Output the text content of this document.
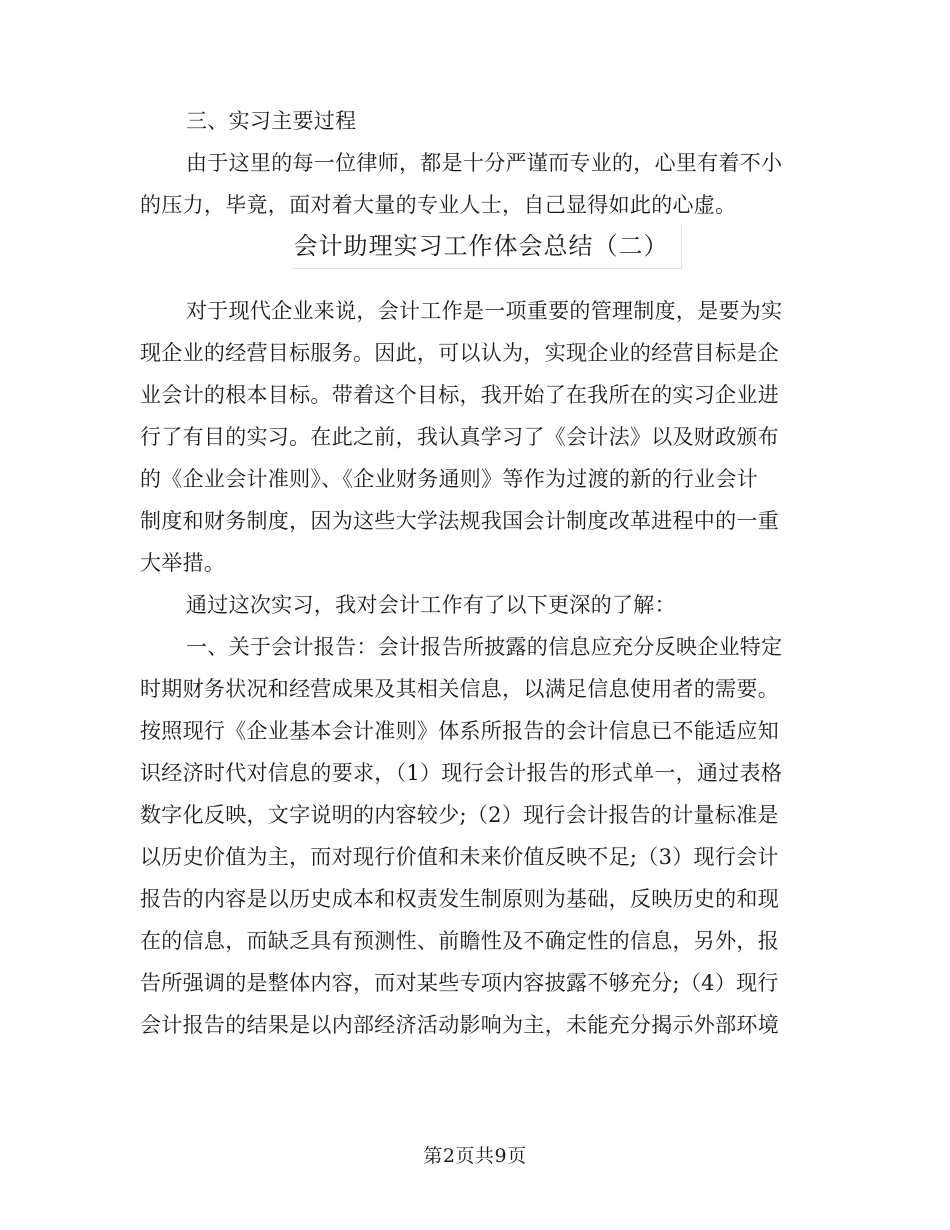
三、实习主要过程
由于这里的每一位律师，都是十分严谨而专业的，心里有着不小
的压力，毕竟，面对着大量的专业人士，自己显得如此的心虚。
会计助理实习工作体会总结（二）
对于现代企业来说，会计工作是一项重要的管理制度，是要为实
现企业的经营目标服务。因此，可以认为，实现企业的经营目标是企
业会计的根本目标。带着这个目标，我开始了在我所在的实习企业进
行了有目的实习。在此之前，我认真学习了《会计法》以及财政颁布
的《企业会计准则》、《企业财务通则》等作为过渡的新的行业会计
制度和财务制度，因为这些大学法规我国会计制度改革进程中的一重
大举措。
通过这次实习，我对会计工作有了以下更深的了解：
一、关于会计报告：会计报告所披露的信息应充分反映企业特定
时期财务状况和经营成果及其相关信息，以满足信息使用者的需要。
按照现行《企业基本会计准则》体系所报告的会计信息已不能适应知
识经济时代对信息的要求，（1）现行会计报告的形式单一，通过表格
数字化反映，文字说明的内容较少;（2）现行会计报告的计量标准是
以历史价值为主，而对现行价值和未来价值反映不足;（3）现行会计
报告的内容是以历史成本和权责发生制原则为基础，反映历史的和现
在的信息，而缺乏具有预测性、前瞻性及不确定性的信息，另外，报
告所强调的是整体内容，而对某些专项内容披露不够充分;（4）现行
会计报告的结果是以内部经济活动影响为主，未能充分揭示外部环境
第2页共9页
